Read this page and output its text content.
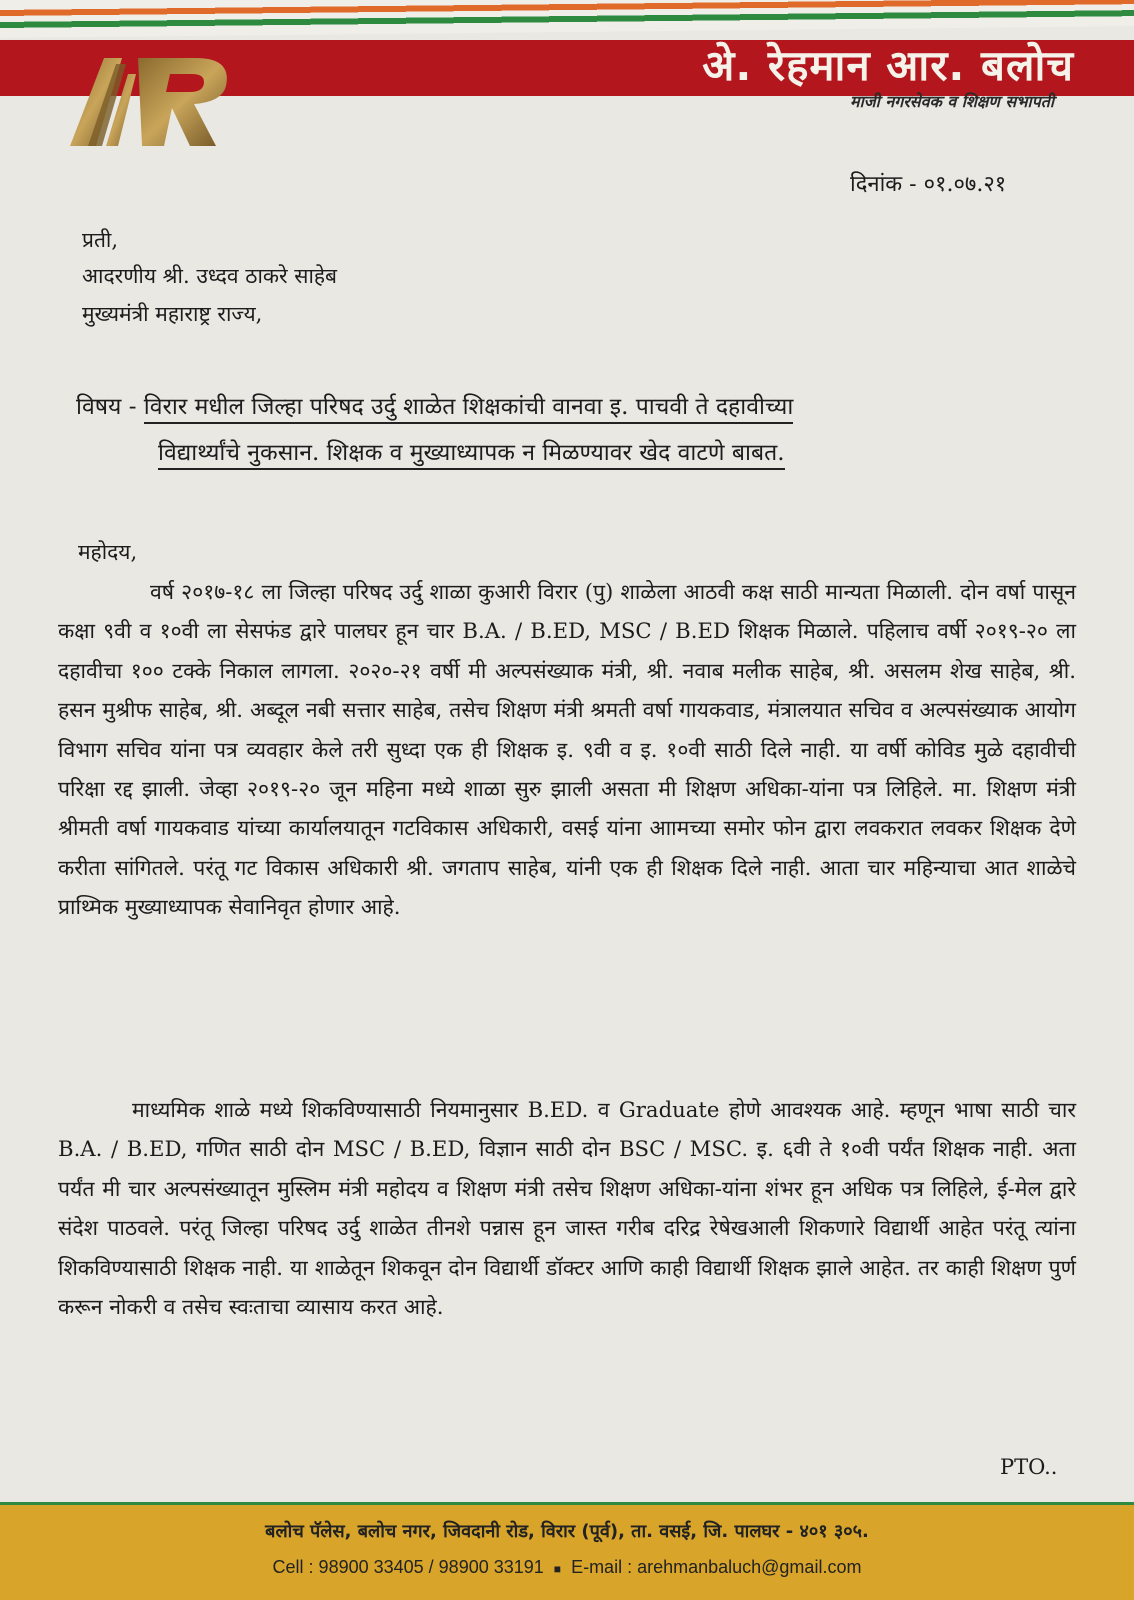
अे. रेहमान आर. बलोच
माजी नगरसेवक व शिक्षण सभापती
दिनांक - ०१.०७.२१
प्रती,
आदरणीय श्री. उध्दव ठाकरे साहेब
मुख्यमंत्री महाराष्ट्र राज्य,
विषय - विरार मधील जिल्हा परिषद उर्दु शाळेत शिक्षकांची वानवा इ. पाचवी ते दहावीच्या
विद्यार्थ्यांचे नुकसान. शिक्षक व मुख्याध्यापक न मिळण्यावर खेद वाटणे बाबत.
महोदय,
वर्ष २०१७-१८ ला जिल्हा परिषद उर्दु शाळा कुआरी विरार (पु) शाळेला आठवी कक्ष साठी मान्यता मिळाली. दोन वर्षा पासून कक्षा ९वी व १०वी ला सेसफंड द्वारे पालघर हून चार B.A. / B.ED, MSC / B.ED शिक्षक मिळाले. पहिलाच वर्षी २०१९-२० ला दहावीचा १०० टक्के निकाल लागला. २०२०-२१ वर्षी मी अल्पसंख्याक मंत्री, श्री. नवाब मलीक साहेब, श्री. असलम शेख साहेब, श्री. हसन मुश्रीफ साहेब, श्री. अब्दूल नबी सत्तार साहेब, तसेच शिक्षण मंत्री श्रमती वर्षा गायकवाड, मंत्रालयात सचिव व अल्पसंख्याक आयोग विभाग सचिव यांना पत्र व्यवहार केले तरी सुध्दा एक ही शिक्षक इ. ९वी व इ. १०वी साठी दिले नाही. या वर्षी कोविड मुळे दहावीची परिक्षा रद्द झाली. जेव्हा २०१९-२० जून महिना मध्ये शाळा सुरु झाली असता मी शिक्षण अधिका-यांना पत्र लिहिले. मा. शिक्षण मंत्री श्रीमती वर्षा गायकवाड यांच्या कार्यालयातून गटविकास अधिकारी, वसई यांना आामच्या समोर फोन द्वारा लवकरात लवकर शिक्षक देणे करीता सांगितले. परंतू गट विकास अधिकारी श्री. जगताप साहेब, यांनी एक ही शिक्षक दिले नाही. आता चार महिन्याचा आत शाळेचे प्राथ्मिक मुख्याध्यापक सेवानिवृत होणार आहे.
माध्यमिक शाळे मध्ये शिकविण्यासाठी नियमानुसार B.ED. व Graduate होणे आवश्यक आहे. म्हणून भाषा साठी चार B.A. / B.ED, गणित साठी दोन MSC / B.ED, विज्ञान साठी दोन BSC / MSC. इ. ६वी ते १०वी पर्यंत शिक्षक नाही. अता पर्यंत मी चार अल्पसंख्यातून मुस्लिम मंत्री महोदय व शिक्षण मंत्री तसेच शिक्षण अधिका-यांना शंभर हून अधिक पत्र लिहिले, ई-मेल द्वारे संदेश पाठवले. परंतू जिल्हा परिषद उर्दु शाळेत तीनशे पन्नास हून जास्त गरीब दरिद्र रेषेखआली शिकणारे विद्यार्थी आहेत परंतू त्यांना शिकविण्यासाठी शिक्षक नाही. या शाळेतून शिकवून दोन विद्यार्थी डॉक्टर आणि काही विद्यार्थी शिक्षक झाले आहेत. तर काही शिक्षण पुर्ण करून नोकरी व तसेच स्वःताचा व्यासाय करत आहे.
PTO..
बलोच पॅलेस, बलोच नगर, जिवदानी रोड, विरार (पूर्व), ता. वसई, जि. पालघर - ४०१ ३०५.
Cell : 98900 33405 / 98900 33191 ■ E-mail : arehmanbaluch@gmail.com
